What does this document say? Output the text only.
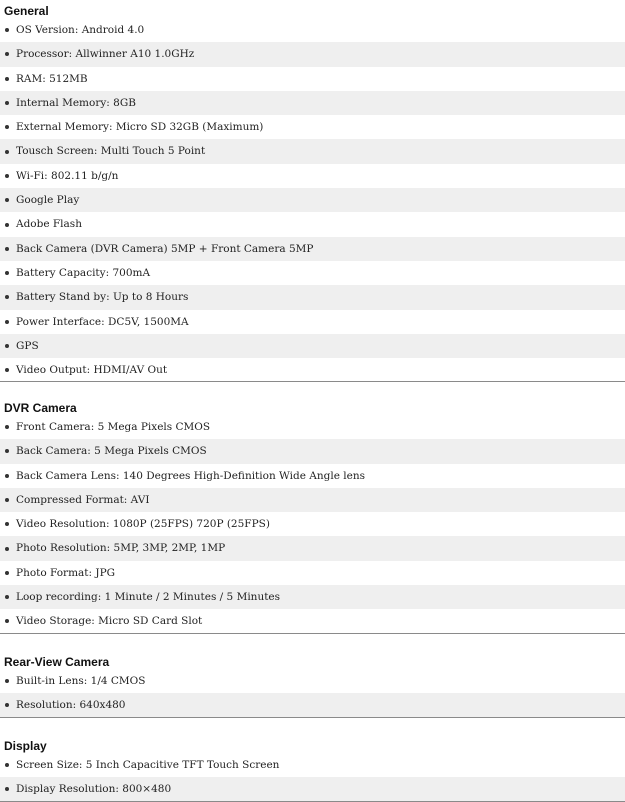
General
OS Version: Android 4.0
Processor: Allwinner A10 1.0GHz
RAM: 512MB
Internal Memory: 8GB
External Memory: Micro SD 32GB (Maximum)
Tousch Screen: Multi Touch 5 Point
Wi-Fi: 802.11 b/g/n
Google Play
Adobe Flash
Back Camera (DVR Camera) 5MP + Front Camera 5MP
Battery Capacity: 700mA
Battery Stand by: Up to 8 Hours
Power Interface: DC5V, 1500MA
GPS
Video Output: HDMI/AV Out
DVR Camera
Front Camera: 5 Mega Pixels CMOS
Back Camera: 5 Mega Pixels CMOS
Back Camera Lens: 140 Degrees High-Definition Wide Angle lens
Compressed Format: AVI
Video Resolution: 1080P (25FPS) 720P (25FPS)
Photo Resolution: 5MP, 3MP, 2MP, 1MP
Photo Format: JPG
Loop recording: 1 Minute / 2 Minutes / 5 Minutes
Video Storage: Micro SD Card Slot
Rear-View Camera
Built-in Lens: 1/4 CMOS
Resolution: 640x480
Display
Screen Size: 5 Inch Capacitive TFT Touch Screen
Display Resolution: 800×480
